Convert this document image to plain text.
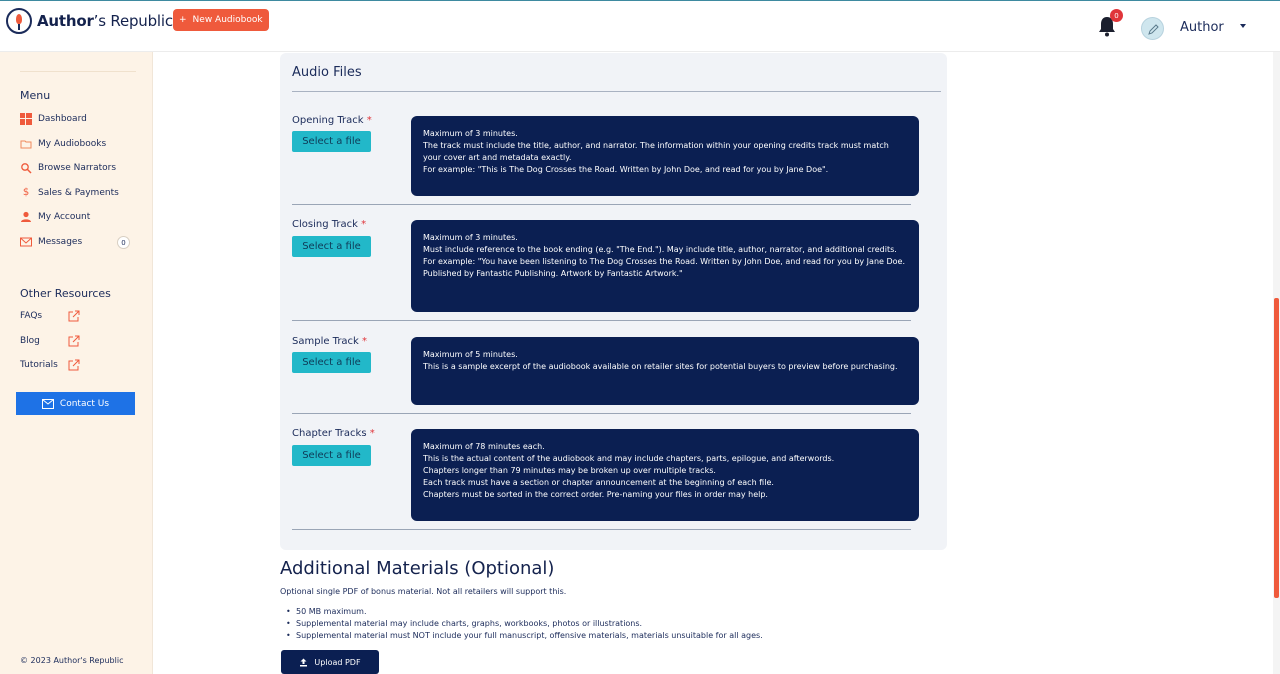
Author’s Republic + New Audiobook	0
Author
Menu
Dashboard
My Audiobooks
Browse Narrators
$ Sales & Payments
My Account
Messages	0
Other Resources
FAQs
Blog
Tutorials
Contact Us
© 2023 Author's Republic
Audio Files
Opening Track *
Select a file
Maximum of 3 minutes.
The track must include the title, author, and narrator. The information within your opening credits track must match your cover art and metadata exactly.
For example: "This is The Dog Crosses the Road. Written by John Doe, and read for you by Jane Doe".
Closing Track *
Select a file
Maximum of 3 minutes.
Must include reference to the book ending (e.g. "The End."). May include title, author, narrator, and additional credits.
For example: "You have been listening to The Dog Crosses the Road. Written by John Doe, and read for you by Jane Doe. Published by Fantastic Publishing. Artwork by Fantastic Artwork."
Sample Track *
Select a file
Maximum of 5 minutes.
This is a sample excerpt of the audiobook available on retailer sites for potential buyers to preview before purchasing.
Chapter Tracks *
Select a file
Maximum of 78 minutes each.
This is the actual content of the audiobook and may include chapters, parts, epilogue, and afterwords.
Chapters longer than 79 minutes may be broken up over multiple tracks.
Each track must have a section or chapter announcement at the beginning of each file.
Chapters must be sorted in the correct order. Pre-naming your files in order may help.
Additional Materials (Optional)
Optional single PDF of bonus material. Not all retailers will support this.
• 50 MB maximum.
• Supplemental material may include charts, graphs, workbooks, photos or illustrations.
• Supplemental material must NOT include your full manuscript, offensive materials, materials unsuitable for all ages.
Upload PDF
